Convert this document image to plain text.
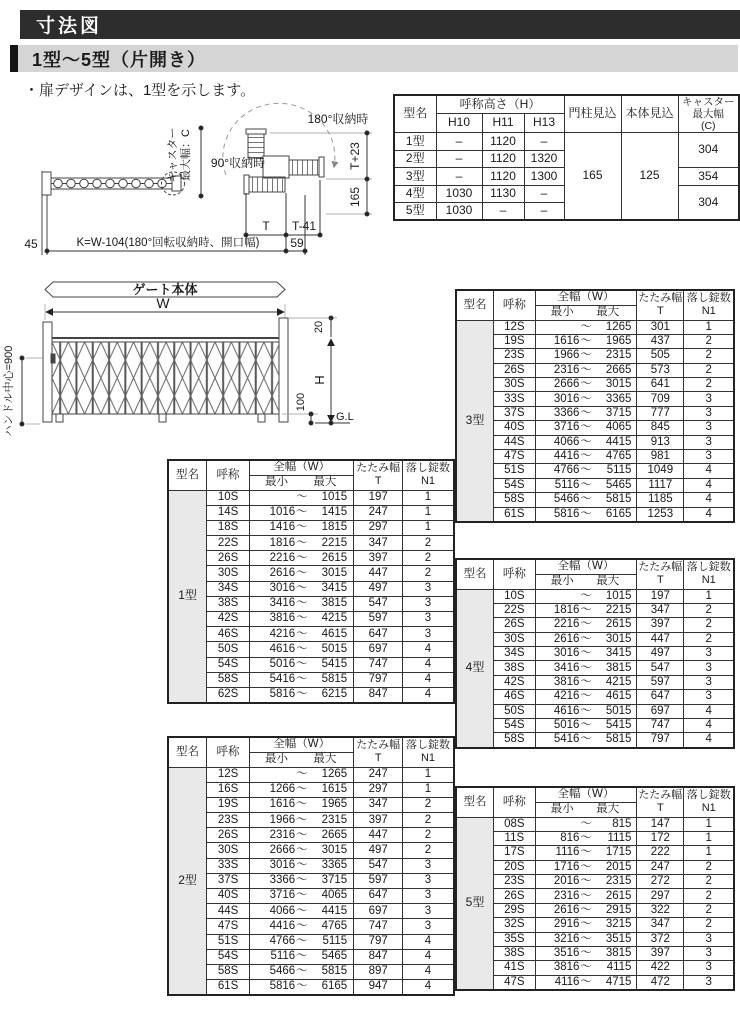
寸法図
1型～5型（片開き）
・扉デザインは、1型を示します。
型名	呼称高さ（H）			門柱見込	本体見込	キャスター
最大幅
(C)

	H10	H11	H13			
1型	–	1120	–	165	125	304
2型	–	1120	1320			
3型	–	1120	1300			354
4型	1030	1130	–			304
5型	1030	–	–			
キャスター 最大幅：C 90°収納時
180°収納時
T+23
165
T T-41
59
45	K=W-104(180°回転収納時、開口幅)
ゲート本体
W
20
H
100
G.L
ハンドル中心=900
型名	呼称	全幅（W）	たたみ幅
T	落し錠数
N1

		最小 最大		

1型	10S	～ 1015	197	1
	14S	1016～ 1415	247	1
	18S	1416～ 1815	297	1
	22S	1816～ 2215	347	2
	26S	2216～ 2615	397	2
	30S	2616～ 3015	447	2
	34S	3016～ 3415	497	3
	38S	3416～ 3815	547	3
	42S	3816～ 4215	597	3
	46S	4216～ 4615	647	3
	50S	4616～ 5015	697	4
	54S	5016～ 5415	747	4
	58S	5416～ 5815	797	4
	62S	5816～ 6215	847	4
型名	呼称	全幅（W）	たたみ幅
T	落し錠数
N1

		最小 最大		

2型	12S	～ 1265	247	1
	16S	1266～ 1615	297	1
	19S	1616～ 1965	347	2
	23S	1966～ 2315	397	2
	26S	2316～ 2665	447	2
	30S	2666～ 3015	497	2
	33S	3016～ 3365	547	3
	37S	3366～ 3715	597	3
	40S	3716～ 4065	647	3
	44S	4066～ 4415	697	3
	47S	4416～ 4765	747	3
	51S	4766～ 5115	797	4
	54S	5116～ 5465	847	4
	58S	5466～ 5815	897	4
	61S	5816～ 6165	947	4
型名	呼称	全幅（W）	たたみ幅
T	落し錠数
N1

		最小 最大		

3型	12S	～ 1265	301	1
	19S	1616～ 1965	437	2
	23S	1966～ 2315	505	2
	26S	2316～ 2665	573	2
	30S	2666～ 3015	641	2
	33S	3016～ 3365	709	3
	37S	3366～ 3715	777	3
	40S	3716～ 4065	845	3
	44S	4066～ 4415	913	3
	47S	4416～ 4765	981	3
	51S	4766～ 5115	1049	4
	54S	5116～ 5465	1117	4
	58S	5466～ 5815	1185	4
	61S	5816～ 6165	1253	4
型名	呼称	全幅（W）	たたみ幅
T	落し錠数
N1

		最小 最大		

4型	10S	～ 1015	197	1
	22S	1816～ 2215	347	2
	26S	2216～ 2615	397	2
	30S	2616～ 3015	447	2
	34S	3016～ 3415	497	3
	38S	3416～ 3815	547	3
	42S	3816～ 4215	597	3
	46S	4216～ 4615	647	3
	50S	4616～ 5015	697	4
	54S	5016～ 5415	747	4
	58S	5416～ 5815	797	4
型名	呼称	全幅（W）	たたみ幅
T	落し錠数
N1

		最小 最大		

5型	08S	～ 815	147	1
	11S	816～ 1115	172	1
	17S	1116～ 1715	222	1
	20S	1716～ 2015	247	2
	23S	2016～ 2315	272	2
	26S	2316～ 2615	297	2
	29S	2616～ 2915	322	2
	32S	2916～ 3215	347	2
	35S	3216～ 3515	372	3
	38S	3516～ 3815	397	3
	41S	3816～ 4115	422	3
	47S	4116～ 4715	472	3
